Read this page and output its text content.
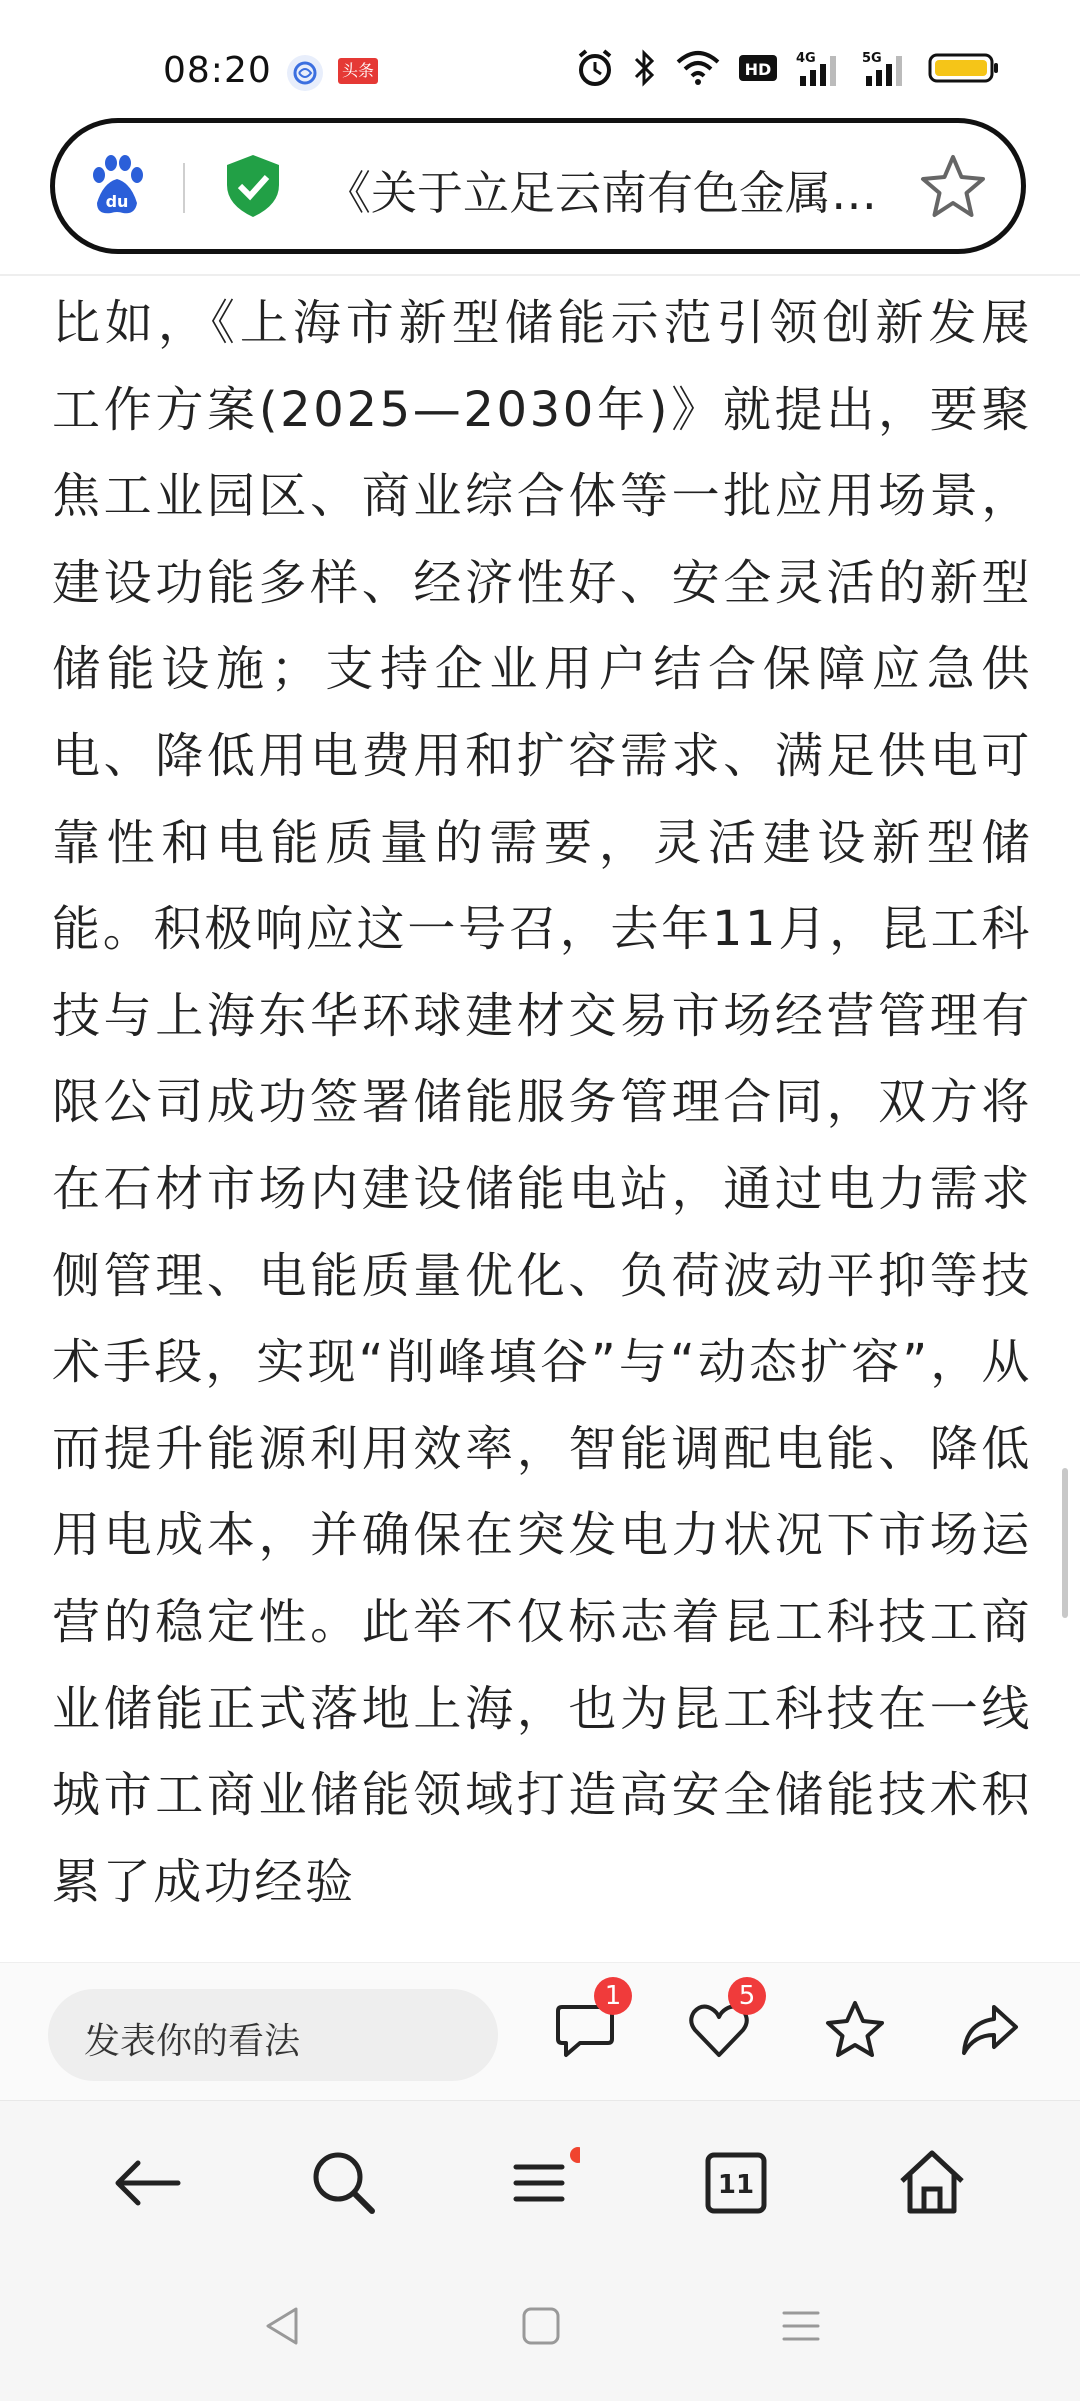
08:20	头条	HD
4G	5G
du	《关于立足云南有色金属…

比如，《上海市新型储能示范引领创新发展工作方案(2025—2030年)》就提出，要聚焦工业园区、商业综合体等一批应用场景，建设功能多样、经济性好、安全灵活的新型储能设施；支持企业用户结合保障应急供电、降低用电费用和扩容需求、满足供电可靠性和电能质量的需要，灵活建设新型储能。积极响应这一号召，去年11月，昆工科技与上海东华环球建材交易市场经营管理有限公司成功签署储能服务管理合同，双方将在石材市场内建设储能电站，通过电力需求侧管理、电能质量优化、负荷波动平抑等技术手段，实现“削峰填谷”与“动态扩容”，从而提升能源利用效率，智能调配电能、降低用电成本，并确保在突发电力状况下市场运营的稳定性。此举不仅标志着昆工科技工商业储能正式落地上海，也为昆工科技在一线城市工商业储能领域打造高安全储能技术积累了成功经验

发表你的看法
1	5
11
